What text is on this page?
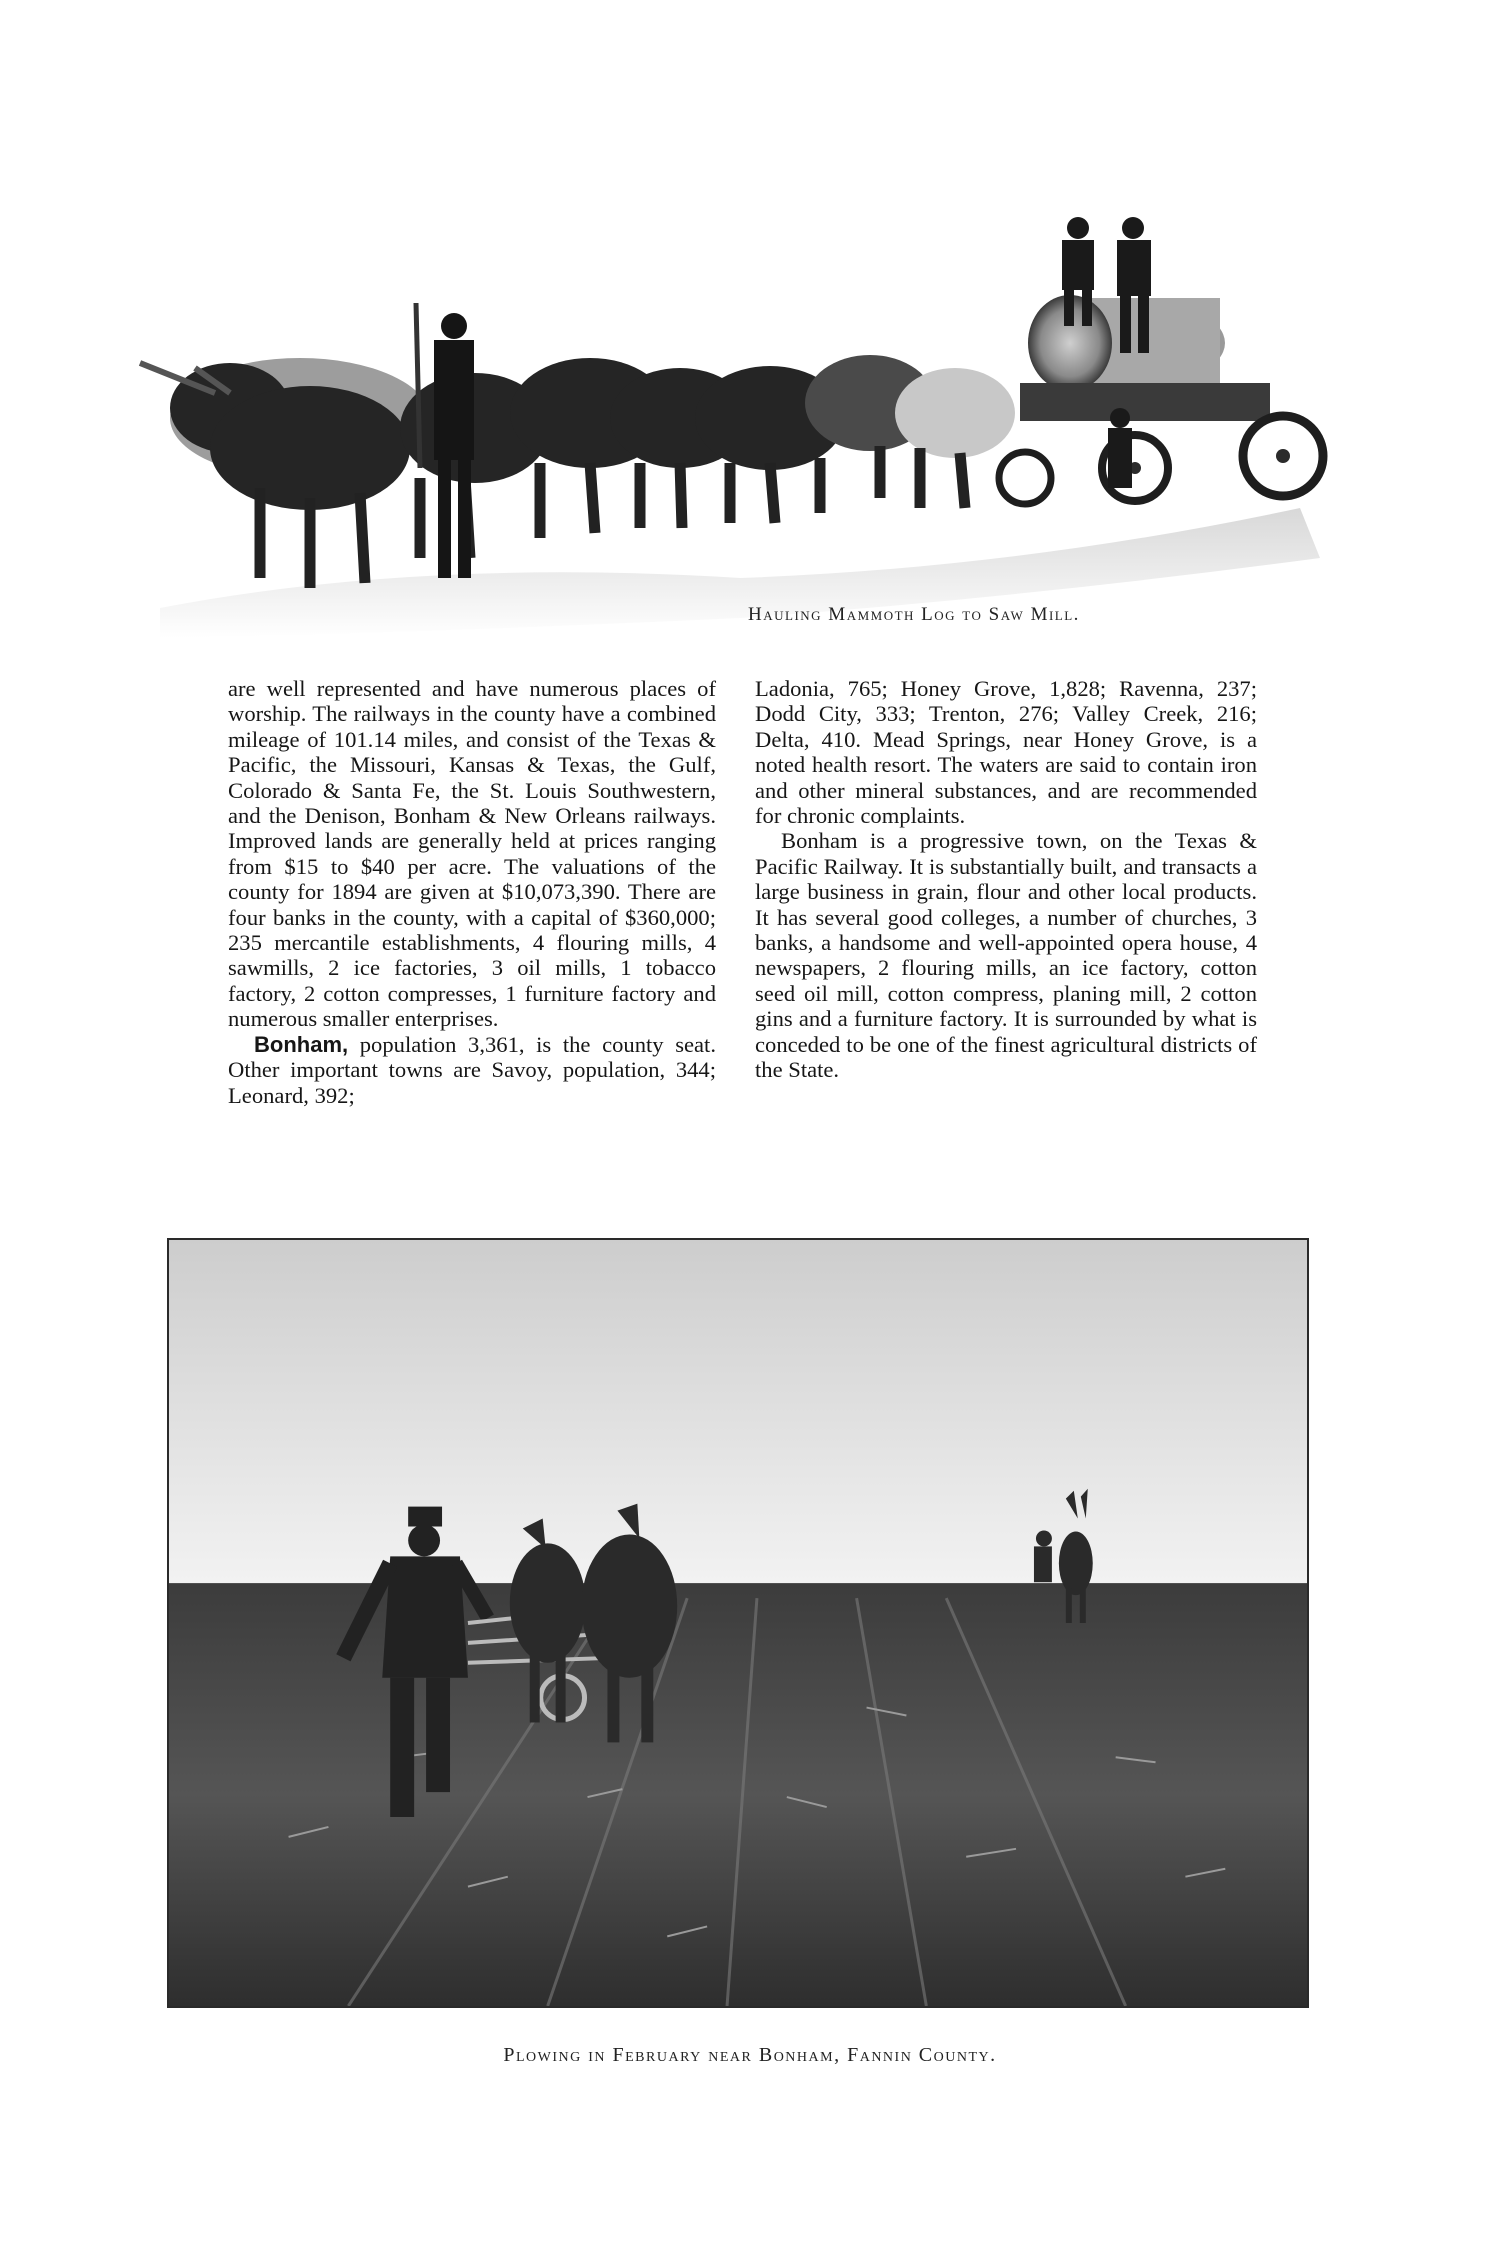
Hauling Mammoth Log to Saw Mill.

are well represented and have numerous places of worship. The railways in the county have a combined mileage of 101.14 miles, and consist of the Texas & Pacific, the Missouri, Kansas & Texas, the Gulf, Colorado & Santa Fe, the St. Louis Southwestern, and the Denison, Bonham & New Orleans railways. Improved lands are generally held at prices ranging from $15 to $40 per acre. The valuations of the county for 1894 are given at $10,073,390. There are four banks in the county, with a capital of $360,000; 235 mercantile establishments, 4 flouring mills, 4 sawmills, 2 ice factories, 3 oil mills, 1 tobacco factory, 2 cotton compresses, 1 furniture factory and numerous smaller enterprises.

Bonham, population 3,361, is the county seat. Other important towns are Savoy, population, 344; Leonard, 392;

Ladonia, 765; Honey Grove, 1,828; Ravenna, 237; Dodd City, 333; Trenton, 276; Valley Creek, 216; Delta, 410. Mead Springs, near Honey Grove, is a noted health resort. The waters are said to contain iron and other mineral substances, and are recommended for chronic complaints.

Bonham is a progressive town, on the Texas & Pacific Railway. It is substantially built, and transacts a large business in grain, flour and other local products. It has several good colleges, a number of churches, 3 banks, a handsome and well-appointed opera house, 4 newspapers, 2 flouring mills, an ice factory, cotton seed oil mill, cotton compress, planing mill, 2 cotton gins and a furniture factory. It is surrounded by what is conceded to be one of the finest agricultural districts of the State.

Plowing in February near Bonham, Fannin County.
